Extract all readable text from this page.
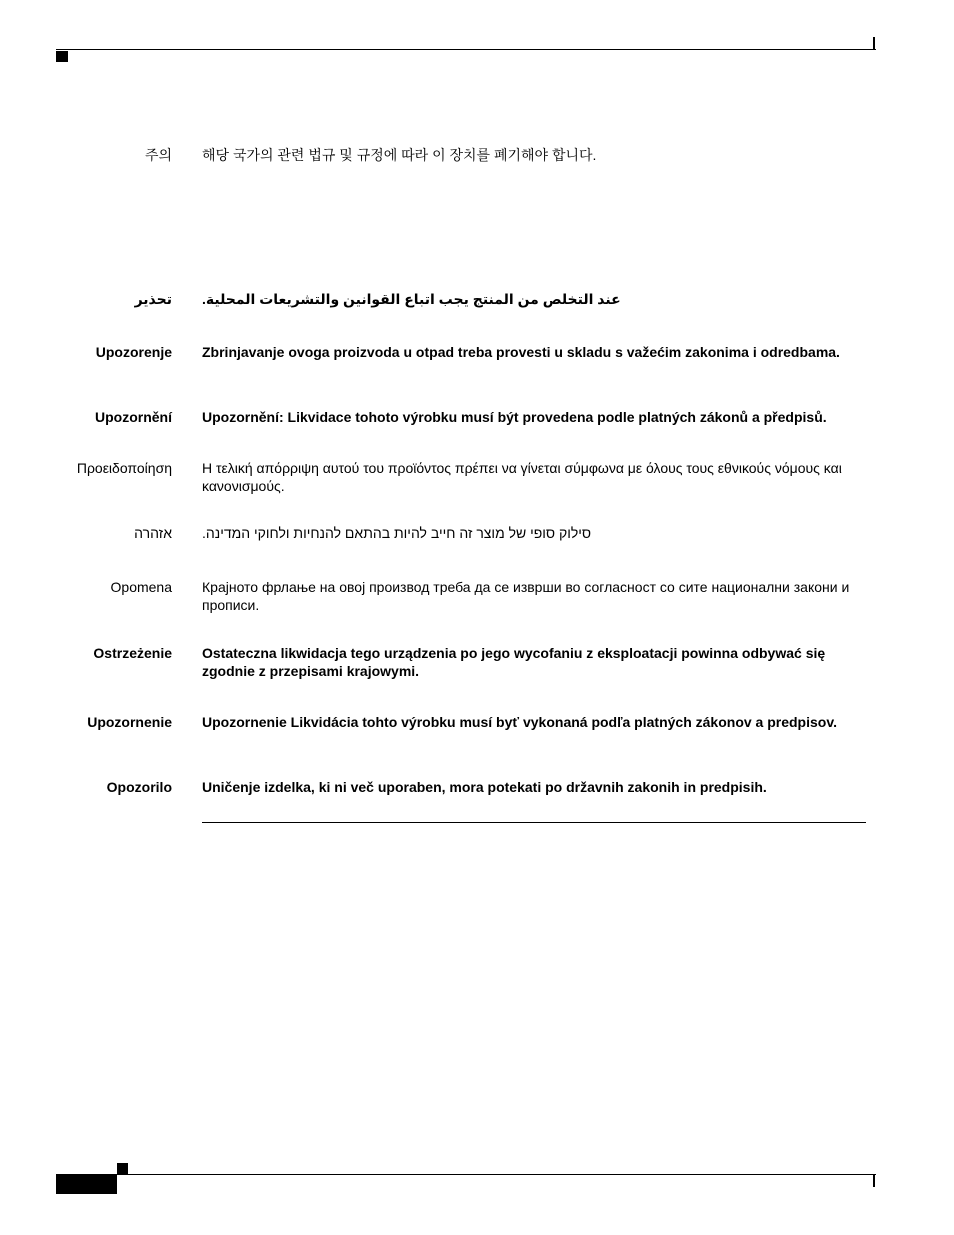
주의 해당 국가의 관련 법규 및 규정에 따라 이 장치를 폐기해야 합니다.
تحذير عند التخلص من المنتج يجب اتباع القوانين والتشريعات المحلية.
Upozorenje Zbrinjavanje ovoga proizvoda u otpad treba provesti u skladu s važećim zakonima i odredbama.
Upozornění Upozornění: Likvidace tohoto výrobku musí být provedena podle platných zákonů a předpisů.
Προειδοποίηση Η τελική απόρριψη αυτού του προϊόντος πρέπει να γίνεται σύμφωνα με όλους τους εθνικούς νόμους και κανονισμούς.
אזהרה סילוק סופי של מוצר זה חייב להיות בהתאם להנחיות ולחוקי המדינה.
Opomena Крајното фрлање на овој производ треба да се изврши во согласност со сите национални закони и прописи.
Ostrzeżenie Ostateczna likwidacja tego urządzenia po jego wycofaniu z eksploatacji powinna odbywać się zgodnie z przepisami krajowymi.
Upozornenie Upozornenie Likvidácia tohto výrobku musí byť vykonaná podľa platných zákonov a predpisov.
Opozorilo Uničenje izdelka, ki ni več uporaben, mora potekati po državnih zakonih in predpisih.
